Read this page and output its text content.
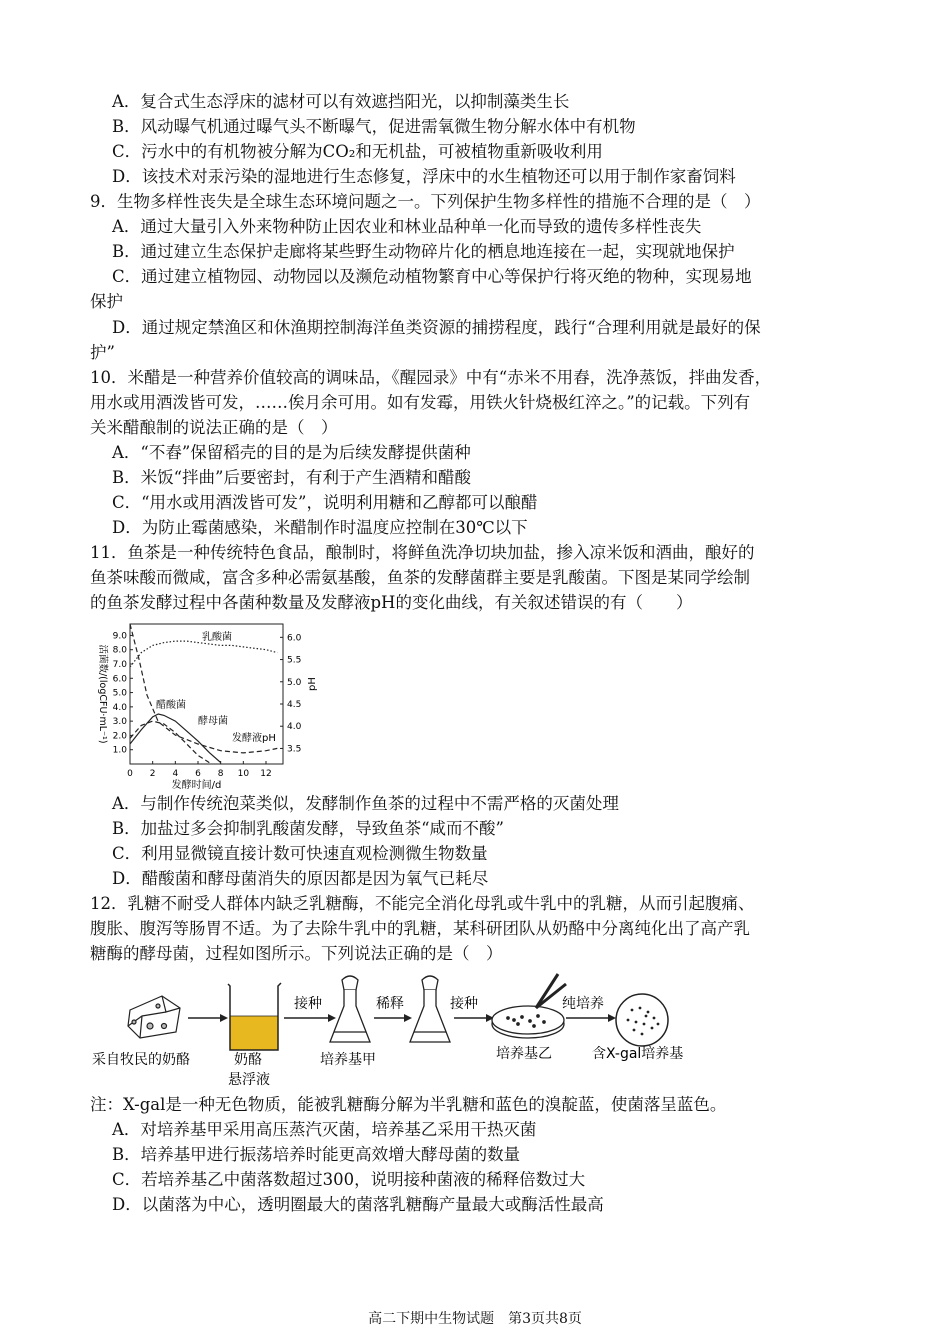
A．复合式生态浮床的滤材可以有效遮挡阳光，以抑制藻类生长
B．风动曝气机通过曝气头不断曝气，促进需氧微生物分解水体中有机物
C．污水中的有机物被分解为CO₂和无机盐，可被植物重新吸收利用
D．该技术对汞污染的湿地进行生态修复，浮床中的水生植物还可以用于制作家畜饲料
9．生物多样性丧失是全球生态环境问题之一。下列保护生物多样性的措施不合理的是（　）
A．通过大量引入外来物种防止因农业和林业品种单一化而导致的遗传多样性丧失
B．通过建立生态保护走廊将某些野生动物碎片化的栖息地连接在一起，实现就地保护
C．通过建立植物园、动物园以及濒危动植物繁育中心等保护行将灭绝的物种，实现易地
保护
D．通过规定禁渔区和休渔期控制海洋鱼类资源的捕捞程度，践行“合理利用就是最好的保
护”
10．米醋是一种营养价值较高的调味品，《醒园录》中有“赤米不用舂，洗净蒸饭，拌曲发香，
用水或用酒泼皆可发，……俟月余可用。如有发霉，用铁火针烧极红淬之。”的记载。下列有
关米醋酿制的说法正确的是（　）
A．“不舂”保留稻壳的目的是为后续发酵提供菌种
B．米饭“拌曲”后要密封，有利于产生酒精和醋酸
C．“用水或用酒泼皆可发”，说明利用糖和乙醇都可以酿醋
D．为防止霉菌感染，米醋制作时温度应控制在30℃以下
11．鱼茶是一种传统特色食品，酿制时，将鲜鱼洗净切块加盐，掺入凉米饭和酒曲，酿好的
鱼茶味酸而微咸，富含多种必需氨基酸，鱼茶的发酵菌群主要是乳酸菌。下图是某同学绘制
的鱼茶发酵过程中各菌种数量及发酵液pH的变化曲线，有关叙述错误的有（　　）
0 2 4 6 8 10 12
1.0
2.0
3.0
4.0
5.0
6.0
7.0
8.0
9.0
3.5
4.0
4.5
5.0
5.5
6.0
乳酸菌
醋酸菌
酵母菌
发酵液pH
发酵时间/d
活菌数/(logCFU·mL⁻¹)	pH
A．与制作传统泡菜类似，发酵制作鱼茶的过程中不需严格的灭菌处理
B．加盐过多会抑制乳酸菌发酵，导致鱼茶“咸而不酸”
C．利用显微镜直接计数可快速直观检测微生物数量
D．醋酸菌和酵母菌消失的原因都是因为氧气已耗尽
12．乳糖不耐受人群体内缺乏乳糖酶，不能完全消化母乳或牛乳中的乳糖，从而引起腹痛、
腹胀、腹泻等肠胃不适。为了去除牛乳中的乳糖，某科研团队从奶酪中分离纯化出了高产乳
糖酶的酵母菌，过程如图所示。下列说法正确的是（　）
接种	稀释	接种	纯培养
采自牧民的奶酪	奶酪
悬浮液
培养基甲	培养基乙	含X-gal培养基
注：X-gal是一种无色物质，能被乳糖酶分解为半乳糖和蓝色的溴靛蓝，使菌落呈蓝色。
A．对培养基甲采用高压蒸汽灭菌，培养基乙采用干热灭菌
B．培养基甲进行振荡培养时能更高效增大酵母菌的数量
C．若培养基乙中菌落数超过300，说明接种菌液的稀释倍数过大
D．以菌落为中心，透明圈最大的菌落乳糖酶产量最大或酶活性最高
高二下期中生物试题　第3页共8页
